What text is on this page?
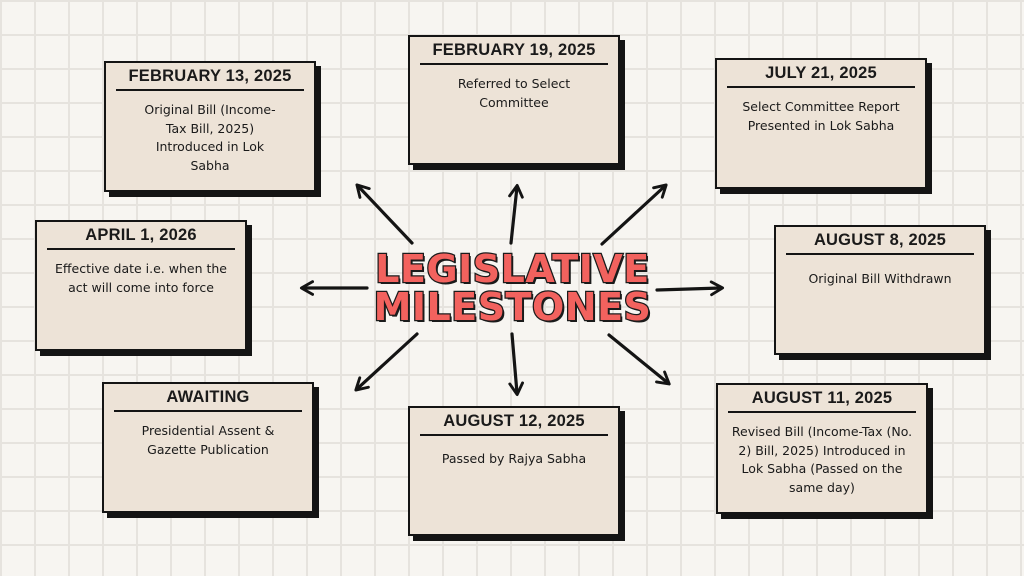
FEBRUARY 13, 2025
Original Bill (Income-Tax Bill, 2025) Introduced in Lok Sabha
FEBRUARY 19, 2025
Referred to Select Committee
JULY 21, 2025
Select Committee Report Presented in Lok Sabha
APRIL 1, 2026
Effective date i.e. when the act will come into force
AUGUST 8, 2025
Original Bill Withdrawn
AWAITING
Presidential Assent & Gazette Publication
AUGUST 12, 2025
Passed by Rajya Sabha
AUGUST 11, 2025
Revised Bill (Income-Tax (No. 2) Bill, 2025) Introduced in Lok Sabha (Passed on the same day)
LEGISLATIVE
MILESTONES
